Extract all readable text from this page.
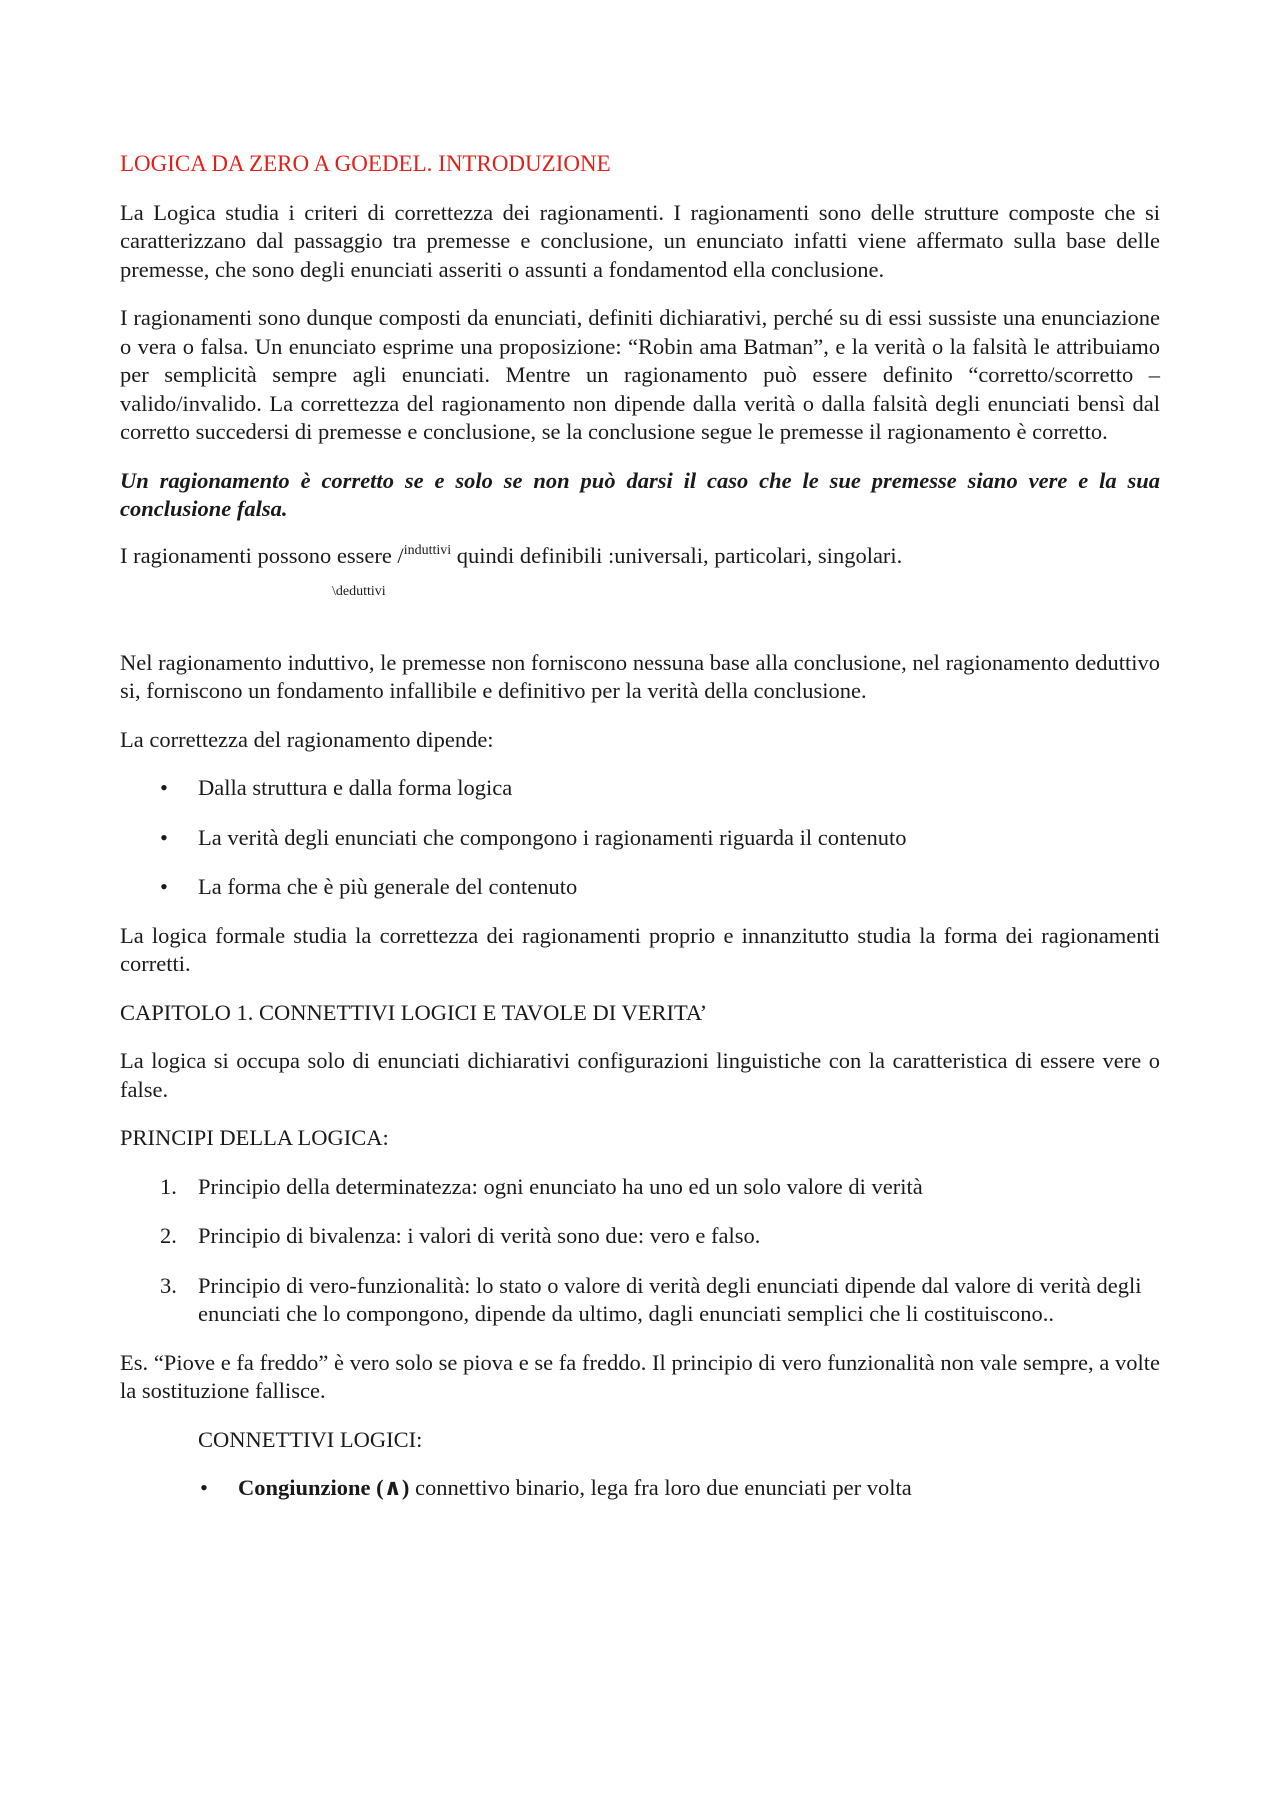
LOGICA DA ZERO A GOEDEL. INTRODUZIONE

La Logica studia i criteri di correttezza dei ragionamenti. I ragionamenti sono delle strutture composte che si caratterizzano dal passaggio tra premesse e conclusione, un enunciato infatti viene affermato sulla base delle premesse, che sono degli enunciati asseriti o assunti a fondamentod ella conclusione.

I ragionamenti sono dunque composti da enunciati, definiti dichiarativi, perché su di essi sussiste una enunciazione o vera o falsa. Un enunciato esprime una proposizione: “Robin ama Batman”, e la verità o la falsità le attribuiamo per semplicità sempre agli enunciati. Mentre un ragionamento può essere definito “corretto/scorretto – valido/invalido. La correttezza del ragionamento non dipende dalla verità o dalla falsità degli enunciati bensì dal corretto succedersi di premesse e conclusione, se la conclusione segue le premesse il ragionamento è corretto.

Un ragionamento è corretto se e solo se non può darsi il caso che le sue premesse siano vere e la sua conclusione falsa.

I ragionamenti possono essere /$^{induttivi}$ quindi definibili :universali, particolari, singolari.

\deduttivi

Nel ragionamento induttivo, le premesse non forniscono nessuna base alla conclusione, nel ragionamento deduttivo si, forniscono un fondamento infallibile e definitivo per la verità della conclusione.

La correttezza del ragionamento dipende:

• Dalla struttura e dalla forma logica
• La verità degli enunciati che compongono i ragionamenti riguarda il contenuto
• La forma che è più generale del contenuto

La logica formale studia la correttezza dei ragionamenti proprio e innanzitutto studia la forma dei ragionamenti corretti.

CAPITOLO 1. CONNETTIVI LOGICI E TAVOLE DI VERITA’

La logica si occupa solo di enunciati dichiarativi configurazioni linguistiche con la caratteristica di essere vere o false.

PRINCIPI DELLA LOGICA:

1. Principio della determinatezza: ogni enunciato ha uno ed un solo valore di verità
2. Principio di bivalenza: i valori di verità sono due: vero e falso.
3. Principio di vero-funzionalità: lo stato o valore di verità degli enunciati dipende dal valore di verità degli enunciati che lo compongono, dipende da ultimo, dagli enunciati semplici che li costituiscono..

Es. “Piove e fa freddo” è vero solo se piova e se fa freddo. Il principio di vero funzionalità non vale sempre, a volte la sostituzione fallisce.

CONNETTIVI LOGICI:

• Congiunzione (∧) connettivo binario, lega fra loro due enunciati per volta
